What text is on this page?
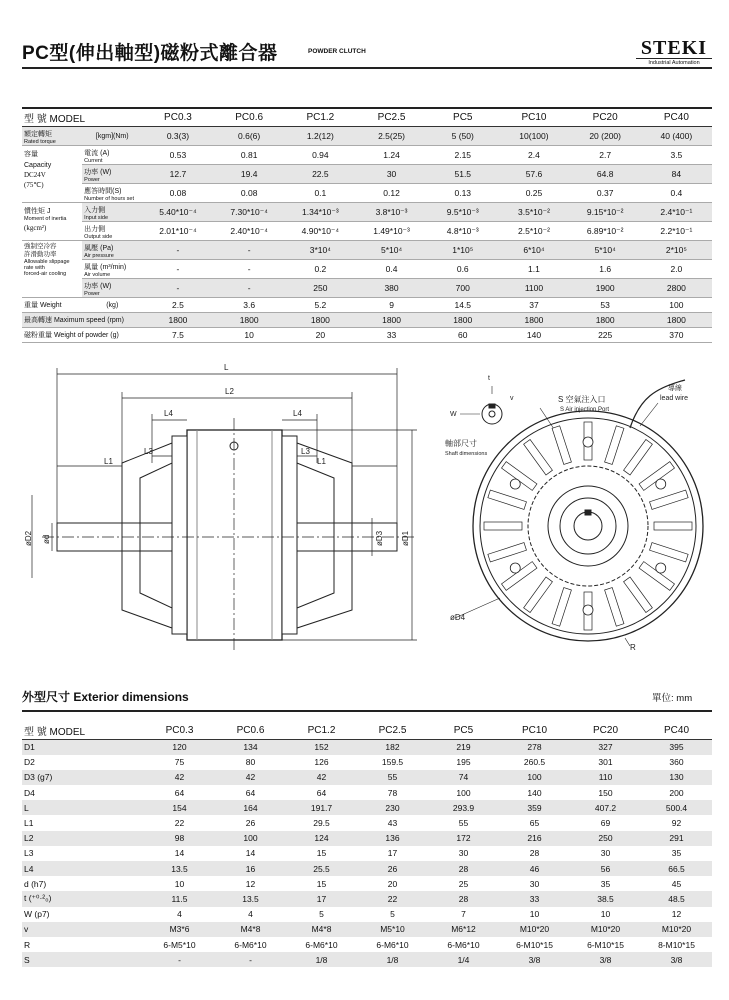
PC型(伸出軸型)磁粉式離合器	POWDER CLUTCH	STEKI
Industrial Automation
型 號 MODEL		PC0.3	PC0.6	PC1.2	PC2.5	PC5	PC10	PC20	PC40
額定轉矩
Rated torque	[kgm](Nm)	0.3(3)	0.6(6)	1.2(12)	2.5(25)	5 (50)	10(100)	20 (200)	40 (400)
容量
Capacity
DC24V
(75℃)	電流 (A)
Current	0.53	0.81	0.94	1.24	2.15	2.4	2.7	3.5
	功率 (W)
Power	12.7	19.4	22.5	30	51.5	57.6	64.8	84
	應答時間(S)
Number of hours set	0.08	0.08	0.1	0.12	0.13	0.25	0.37	0.4
慣性矩 J
Moment of inertia
(kgcm²)	入力側
Input side	5.40*10⁻⁴	7.30*10⁻⁴	1.34*10⁻³	3.8*10⁻³	9.5*10⁻³	3.5*10⁻²	9.15*10⁻²	2.4*10⁻¹
	出力側
Output side	2.01*10⁻⁴	2.40*10⁻⁴	4.90*10⁻⁴	1.49*10⁻³	4.8*10⁻³	2.5*10⁻²	6.89*10⁻²	2.2*10⁻¹

強制空冷容
許滑動功率
Allowable slippage
rate with
forced-air cooling	風壓 (Pa)
Air pressure	-	-	3*10⁴	5*10⁴	1*10⁵	6*10⁴	5*10⁴	2*10⁵
	風量 (m³/min)
Air volume	-	-	0.2	0.4	0.6	1.1	1.6	2.0
	功率 (W)
Power	-	-	250	380	700	1100	1900	2800
重量 Weight	(kg)	2.5	3.6	5.2	9	14.5	37	53	100
最高轉速 Maximum speed (rpm)		1800	1800	1800	1800	1800	1800	1800	1800
磁粉重量 Weight of powder (g)		7.5	10	20	33	60	140	225	370
L
L2
L4	L4
L3	L3
L1	L1
øD2 ød	øD3 øD1
t
v
W
S 空氣注入口
S Air injection Port
導線
lead wire
軸部尺寸
Shaft dimensions
øD4
R
外型尺寸 Exterior dimensions	單位: mm
型 號 MODEL	PC0.3	PC0.6	PC1.2	PC2.5	PC5	PC10	PC20	PC40
D1	120	134	152	182	219	278	327	395
D2	75	80	126	159.5	195	260.5	301	360
D3 (g7)	42	42	42	55	74	100	110	130
D4	64	64	64	78	100	140	150	200
L	154	164	191.7	230	293.9	359	407.2	500.4
L1	22	26	29.5	43	55	65	69	92
L2	98	100	124	136	172	216	250	291
L3	14	14	15	17	30	28	30	35
L4	13.5	16	25.5	26	28	46	56	66.5
d (h7)	10	12	15	20	25	30	35	45
t (⁺⁰·²₀)	11.5	13.5	17	22	28	33	38.5	48.5
W (p7)	4	4	5	5	7	10	10	12
v	M3*6	M4*8	M4*8	M5*10	M6*12	M10*20	M10*20	M10*20
R	6-M5*10	6-M6*10	6-M6*10	6-M6*10	6-M6*10	6-M10*15	6-M10*15	8-M10*15
S	-	-	1/8	1/8	1/4	3/8	3/8	3/8
